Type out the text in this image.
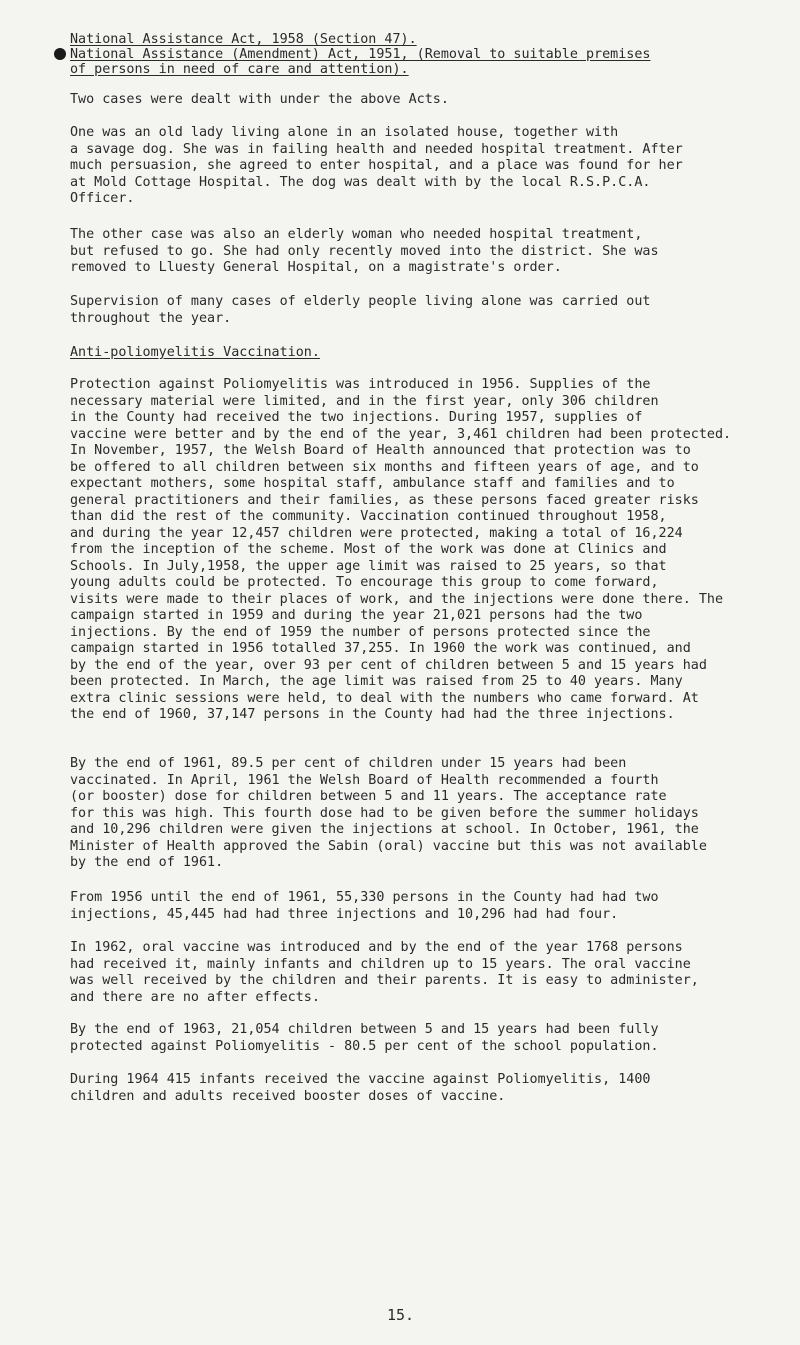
National Assistance Act, 1958 (Section 47).

National Assistance (Amendment) Act, 1951, (Removal to suitable premises

of persons in need of care and attention).

Two cases were dealt with under the above Acts.
One was an old lady living alone in an isolated house, together with
a savage dog. She was in failing health and needed hospital treatment. After
much persuasion, she agreed to enter hospital, and a place was found for her
at Mold Cottage Hospital. The dog was dealt with by the local R.S.P.C.A.
Officer.
The other case was also an elderly woman who needed hospital treatment,
but refused to go. She had only recently moved into the district. She was
removed to Lluesty General Hospital, on a magistrate's order.
Supervision of many cases of elderly people living alone was carried out
throughout the year.

Anti-poliomyelitis Vaccination.

Protection against Poliomyelitis was introduced in 1956. Supplies of the
necessary material were limited, and in the first year, only 306 children
in the County had received the two injections. During 1957, supplies of
vaccine were better and by the end of the year, 3,461 children had been protected.
In November, 1957, the Welsh Board of Health announced that protection was to
be offered to all children between six months and fifteen years of age, and to
expectant mothers, some hospital staff, ambulance staff and families and to
general practitioners and their families, as these persons faced greater risks
than did the rest of the community. Vaccination continued throughout 1958,
and during the year 12,457 children were protected, making a total of 16,224
from the inception of the scheme. Most of the work was done at Clinics and
Schools. In July,1958, the upper age limit was raised to 25 years, so that
young adults could be protected. To encourage this group to come forward,
visits were made to their places of work, and the injections were done there. The
campaign started in 1959 and during the year 21,021 persons had the two
injections. By the end of 1959 the number of persons protected since the
campaign started in 1956 totalled 37,255. In 1960 the work was continued, and
by the end of the year, over 93 per cent of children between 5 and 15 years had
been protected. In March, the age limit was raised from 25 to 40 years. Many
extra clinic sessions were held, to deal with the numbers who came forward. At
the end of 1960, 37,147 persons in the County had had the three injections.
By the end of 1961, 89.5 per cent of children under 15 years had been
vaccinated. In April, 1961 the Welsh Board of Health recommended a fourth
(or booster) dose for children between 5 and 11 years. The acceptance rate
for this was high. This fourth dose had to be given before the summer holidays
and 10,296 children were given the injections at school. In October, 1961, the
Minister of Health approved the Sabin (oral) vaccine but this was not available
by the end of 1961.
From 1956 until the end of 1961, 55,330 persons in the County had had two
injections, 45,445 had had three injections and 10,296 had had four.
In 1962, oral vaccine was introduced and by the end of the year 1768 persons
had received it, mainly infants and children up to 15 years. The oral vaccine
was well received by the children and their parents. It is easy to administer,
and there are no after effects.
By the end of 1963, 21,054 children between 5 and 15 years had been fully
protected against Poliomyelitis - 80.5 per cent of the school population.
During 1964 415 infants received the vaccine against Poliomyelitis, 1400
children and adults received booster doses of vaccine.

15.
